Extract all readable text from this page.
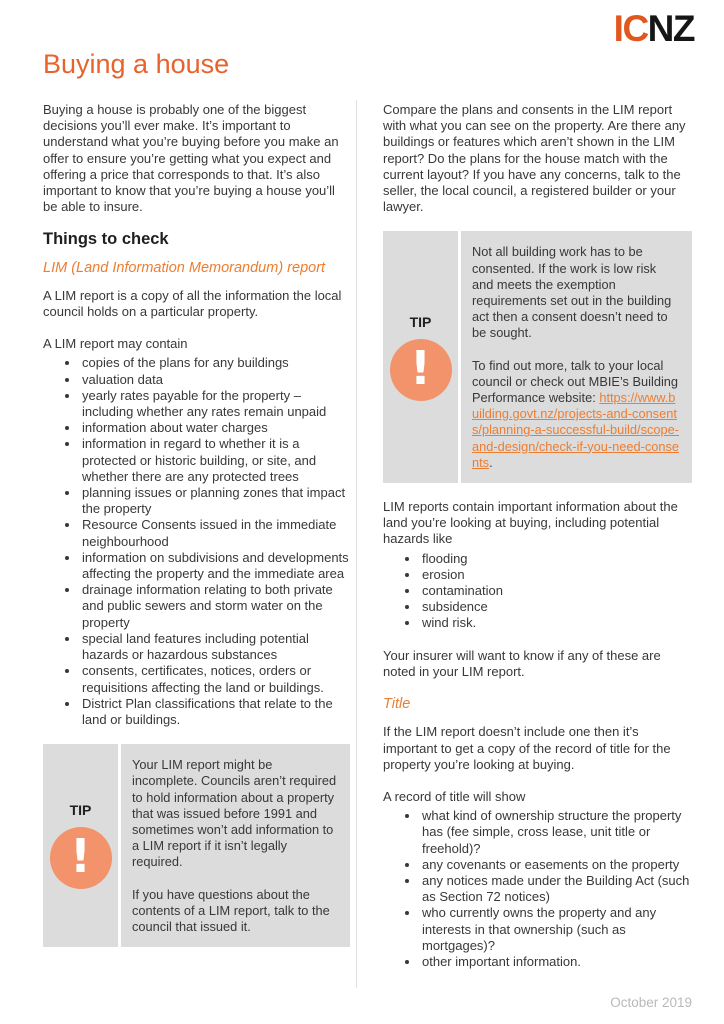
ICNZ
Buying a house

Buying a house is probably one of the biggest decisions you’ll ever make. It’s important to understand what you’re buying before you make an offer to ensure you’re getting what you expect and offering a price that corresponds to that. It’s also important to know that you’re buying a house you’ll be able to insure.

Things to check
LIM (Land Information Memorandum) report

A LIM report is a copy of all the information the local council holds on a particular property.

A LIM report may contain

• copies of the plans for any buildings
• valuation data
• yearly rates payable for the property – including whether any rates remain unpaid
• information about water charges
• information in regard to whether it is a protected or historic building, or site, and whether there are any protected trees
• planning issues or planning zones that impact the property
• Resource Consents issued in the immediate neighbourhood
• information on subdivisions and developments affecting the property and the immediate area
• drainage information relating to both private and public sewers and storm water on the property
• special land features including potential hazards or hazardous substances
• consents, certificates, notices, orders or requisitions affecting the land or buildings.
• District Plan classifications that relate to the land or buildings.
TIP
!

Your LIM report might be incomplete. Councils aren’t required to hold information about a property that was issued before 1991 and sometimes won’t add information to a LIM report if it isn’t legally required.

If you have questions about the contents of a LIM report, talk to the council that issued it.

Compare the plans and consents in the LIM report with what you can see on the property. Are there any buildings or features which aren’t shown in the LIM report? Do the plans for the house match with the current layout? If you have any concerns, talk to the seller, the local council, a registered builder or your lawyer.

TIP
!

Not all building work has to be consented. If the work is low risk and meets the exemption requirements set out in the building act then a consent doesn’t need to be sought.

To find out more, talk to your local council or check out MBIE’s Building Performance website: https://www.building.govt.nz/projects-and-consents/planning-a-successful-build/scope-and-design/check-if-you-need-consents.

LIM reports contain important information about the land you’re looking at buying, including potential hazards like

• flooding
• erosion
• contamination
• subsidence
• wind risk.

Your insurer will want to know if any of these are noted in your LIM report.

Title

If the LIM report doesn’t include one then it’s important to get a copy of the record of title for the property you’re looking at buying.

A record of title will show

• what kind of ownership structure the property has (fee simple, cross lease, unit title or freehold)?
• any covenants or easements on the property
• any notices made under the Building Act (such as Section 72 notices)
• who currently owns the property and any interests in that ownership (such as mortgages)?
• other important information.
October 2019
